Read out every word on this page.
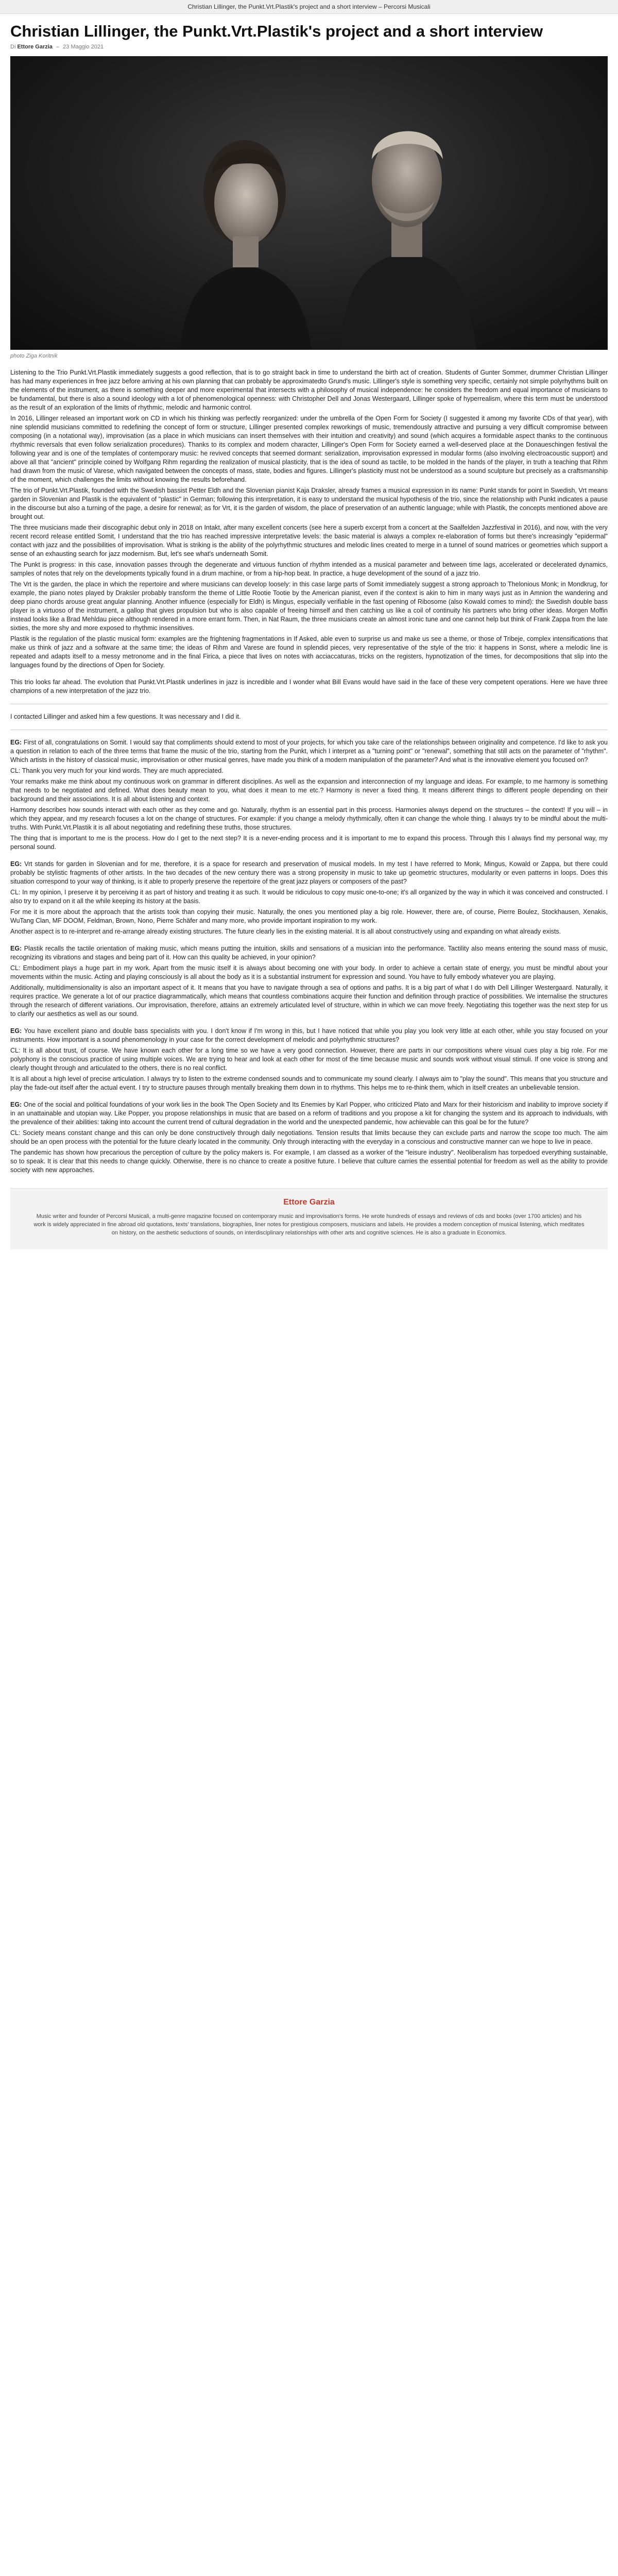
Christian Lillinger, the Punkt.Vrt.Plastik's project and a short interview – Percorsi Musicali
Christian Lillinger, the Punkt.Vrt.Plastik's project and a short interview
Di Ettore Garzia – 23 Maggio 2021
photo Ziga Koritnik

Listening to the Trio Punkt.Vrt.Plastik immediately suggests a good reflection, that is to go straight back in time to understand the birth act of creation. Students of Gunter Sommer, drummer Christian Lillinger has had many experiences in free jazz before arriving at his own planning that can probably be approximatedto Grund's music. Lillinger's style is something very specific, certainly not simple polyrhythms built on the elements of the instrument, as there is something deeper and more experimental that intersects with a philosophy of musical independence: he considers the freedom and equal importance of musicians to be fundamental, but there is also a sound ideology with a lot of phenomenological openness: with Christopher Dell and Jonas Westergaard, Lillinger spoke of hyperrealism, where this term must be understood as the result of an exploration of the limits of rhythmic, melodic and harmonic control.

In 2016, Lillinger released an important work on CD in which his thinking was perfectly reorganized: under the umbrella of the Open Form for Society (I suggested it among my favorite CDs of that year), with nine splendid musicians committed to redefining the concept of form or structure, Lillinger presented complex reworkings of music, tremendously attractive and pursuing a very difficult compromise between composing (in a notational way), improvisation (as a place in which musicians can insert themselves with their intuition and creativity) and sound (which acquires a formidable aspect thanks to the continuous rhythmic reversals that even follow serialization procedures). Thanks to its complex and modern character, Lillinger's Open Form for Society earned a well-deserved place at the Donaueschingen festival the following year and is one of the templates of contemporary music: he revived concepts that seemed dormant: serialization, improvisation expressed in modular forms (also involving electroacoustic support) and above all that "ancient" principle coined by Wolfgang Rihm regarding the realization of musical plasticity, that is the idea of sound as tactile, to be molded in the hands of the player, in truth a teaching that Rihm had drawn from the music of Varese, which navigated between the concepts of mass, state, bodies and figures. Lillinger's plasticity must not be understood as a sound sculpture but precisely as a craftsmanship of the moment, which challenges the limits without knowing the results beforehand.

The trio of Punkt.Vrt.Plastik, founded with the Swedish bassist Petter Eldh and the Slovenian pianist Kaja Draksler, already frames a musical expression in its name: Punkt stands for point in Swedish, Vrt means garden in Slovenian and Plastik is the equivalent of "plastic" in German; following this interpretation, it is easy to understand the musical hypothesis of the trio, since the relationship with Punkt indicates a pause in the discourse but also a turning of the page, a desire for renewal; as for Vrt, it is the garden of wisdom, the place of preservation of an authentic language; while with Plastik, the concepts mentioned above are brought out.

The three musicians made their discographic debut only in 2018 on Intakt, after many excellent concerts (see here a superb excerpt from a concert at the Saalfelden Jazzfestival in 2016), and now, with the very recent record release entitled Somit, I understand that the trio has reached impressive interpretative levels: the basic material is always a complex re-elaboration of forms but there's increasingly "epidermal" contact with jazz and the possibilities of improvisation. What is striking is the ability of the polyrhythmic structures and melodic lines created to merge in a tunnel of sound matrices or geometries which support a sense of an exhausting search for jazz modernism. But, let's see what's underneath Somit.

The Punkt is progress: in this case, innovation passes through the degenerate and virtuous function of rhythm intended as a musical parameter and between time lags, accelerated or decelerated dynamics, samples of notes that rely on the developments typically found in a drum machine, or from a hip-hop beat. In practice, a huge development of the sound of a jazz trio.

The Vrt is the garden, the place in which the repertoire and where musicians can develop loosely: in this case large parts of Somit immediately suggest a strong approach to Thelonious Monk; in Mondkrug, for example, the piano notes played by Draksler probably transform the theme of Little Rootie Tootie by the American pianist, even if the context is akin to him in many ways just as in Amnion the wandering and deep piano chords arouse great angular planning. Another influence (especially for Eldh) is Mingus, especially verifiable in the fast opening of Ribosome (also Kowald comes to mind): the Swedish double bass player is a virtuoso of the instrument, a gallop that gives propulsion but who is also capable of freeing himself and then catching us like a coil of continuity his partners who bring other ideas. Morgen Moffin instead looks like a Brad Mehldau piece although rendered in a more errant form. Then, in Nat Raum, the three musicians create an almost ironic tune and one cannot help but think of Frank Zappa from the late sixties, the more shy and more exposed to rhythmic insensitives.

Plastik is the regulation of the plastic musical form: examples are the frightening fragmentations in If Asked, able even to surprise us and make us see a theme, or those of Tribeje, complex intensifications that make us think of jazz and a software at the same time; the ideas of Rihm and Varese are found in splendid pieces, very representative of the style of the trio: it happens in Sonst, where a melodic line is repeated and adapts itself to a messy metronome and in the final Firica, a piece that lives on notes with acciaccaturas, tricks on the registers, hypnotization of the times, for decompositions that slip into the languages found by the directions of Open for Society.

This trio looks far ahead. The evolution that Punkt.Vrt.Plastik underlines in jazz is incredible and I wonder what Bill Evans would have said in the face of these very competent operations. Here we have three champions of a new interpretation of the jazz trio.

I contacted Lillinger and asked him a few questions. It was necessary and I did it.

EG: First of all, congratulations on Somit. I would say that compliments should extend to most of your projects, for which you take care of the relationships between originality and competence. I'd like to ask you a question in relation to each of the three terms that frame the music of the trio, starting from the Punkt, which I interpret as a "turning point" or "renewal", something that still acts on the parameter of "rhythm". Which artists in the history of classical music, improvisation or other musical genres, have made you think of a modern manipulation of the parameter? And what is the innovative element you focused on?

CL: Thank you very much for your kind words. They are much appreciated.

Your remarks make me think about my continuous work on grammar in different disciplines. As well as the expansion and interconnection of my language and ideas. For example, to me harmony is something that needs to be negotiated and defined. What does beauty mean to you, what does it mean to me etc.? Harmony is never a fixed thing. It means different things to different people depending on their background and their associations. It is all about listening and context.

Harmony describes how sounds interact with each other as they come and go. Naturally, rhythm is an essential part in this process. Harmonies always depend on the structures – the context! If you will – in which they appear, and my research focuses a lot on the change of structures. For example: if you change a melody rhythmically, often it can change the whole thing. I always try to be mindful about the multi-truths. With Punkt.Vrt.Plastik it is all about negotiating and redefining these truths, those structures.

The thing that is important to me is the process. How do I get to the next step? It is a never-ending process and it is important to me to expand this process. Through this I always find my personal way, my personal sound.

EG: Vrt stands for garden in Slovenian and for me, therefore, it is a space for research and preservation of musical models. In my test I have referred to Monk, Mingus, Kowald or Zappa, but there could probably be stylistic fragments of other artists. In the two decades of the new century there was a strong propensity in music to take up geometric structures, modularity or even patterns in loops. Does this situation correspond to your way of thinking, is it able to properly preserve the repertoire of the great jazz players or composers of the past?

CL: In my opinion, I preserve it by perceiving it as part of history and treating it as such. It would be ridiculous to copy music one-to-one; it's all organized by the way in which it was conceived and constructed. I also try to expand on it all the while keeping its history at the basis.

For me it is more about the approach that the artists took than copying their music. Naturally, the ones you mentioned play a big role. However, there are, of course, Pierre Boulez, Stockhausen, Xenakis, WuTang Clan, MF DOOM, Feldman, Brown, Nono, Pierre Schäfer and many more, who provide important inspiration to my work.

Another aspect is to re-interpret and re-arrange already existing structures. The future clearly lies in the existing material. It is all about constructively using and expanding on what already exists.

EG: Plastik recalls the tactile orientation of making music, which means putting the intuition, skills and sensations of a musician into the performance. Tactility also means entering the sound mass of music, recognizing its vibrations and stages and being part of it. How can this quality be achieved, in your opinion?

CL: Embodiment plays a huge part in my work. Apart from the music itself it is always about becoming one with your body. In order to achieve a certain state of energy, you must be mindful about your movements within the music. Acting and playing consciously is all about the body as it is a substantial instrument for expression and sound. You have to fully embody whatever you are playing.

Additionally, multidimensionality is also an important aspect of it. It means that you have to navigate through a sea of options and paths. It is a big part of what I do with Dell Lillinger Westergaard. Naturally, it requires practice. We generate a lot of our practice diagrammatically, which means that countless combinations acquire their function and definition through practice of possibilities. We internalise the structures through the research of different variations. Our improvisation, therefore, attains an extremely articulated level of structure, within in which we can move freely. Negotiating this together was the next step for us to clarify our aesthetics as well as our sound.

EG: You have excellent piano and double bass specialists with you. I don't know if I'm wrong in this, but I have noticed that while you play you look very little at each other, while you stay focused on your instruments. How important is a sound phenomenology in your case for the correct development of melodic and polyrhythmic structures?

CL: It is all about trust, of course. We have known each other for a long time so we have a very good connection. However, there are parts in our compositions where visual cues play a big role. For me polyphony is the conscious practice of using multiple voices. We are trying to hear and look at each other for most of the time because music and sounds work without visual stimuli. If one voice is strong and clearly thought through and articulated to the others, there is no real conflict.

It is all about a high level of precise articulation. I always try to listen to the extreme condensed sounds and to communicate my sound clearly. I always aim to "play the sound". This means that you structure and play the fade-out itself after the actual event. I try to structure pauses through mentally breaking them down in to rhythms. This helps me to re-think them, which in itself creates an unbelievable tension.

EG: One of the social and political foundations of your work lies in the book The Open Society and Its Enemies by Karl Popper, who criticized Plato and Marx for their historicism and inability to improve society if in an unattainable and utopian way. Like Popper, you propose relationships in music that are based on a reform of traditions and you propose a kit for changing the system and its approach to individuals, with the prevalence of their abilities: taking into account the current trend of cultural degradation in the world and the unexpected pandemic, how achievable can this goal be for the future?

CL: Society means constant change and this can only be done constructively through daily negotiations. Tension results that limits because they can exclude parts and narrow the scope too much. The aim should be an open process with the potential for the future clearly located in the community. Only through interacting with the everyday in a conscious and constructive manner can we hope to live in peace.

The pandemic has shown how precarious the perception of culture by the policy makers is. For example, I am classed as a worker of the "leisure industry". Neoliberalism has torpedoed everything sustainable, so to speak. It is clear that this needs to change quickly. Otherwise, there is no chance to create a positive future. I believe that culture carries the essential potential for freedom as well as the ability to provide society with new approaches.

Ettore Garzia
Music writer and founder of Percorsi Musicali, a multi-genre magazine focused on contemporary music and improvisation's forms. He wrote hundreds of essays and reviews of cds and books (over 1700 articles) and his work is widely appreciated in fine abroad old quotations, texts' translations, biographies, liner notes for prestigious composers, musicians and labels. He provides a modern conception of musical listening, which meditates on history, on the aesthetic seductions of sounds, on interdisciplinary relationships with other arts and cognitive sciences. He is also a graduate in Economics.
